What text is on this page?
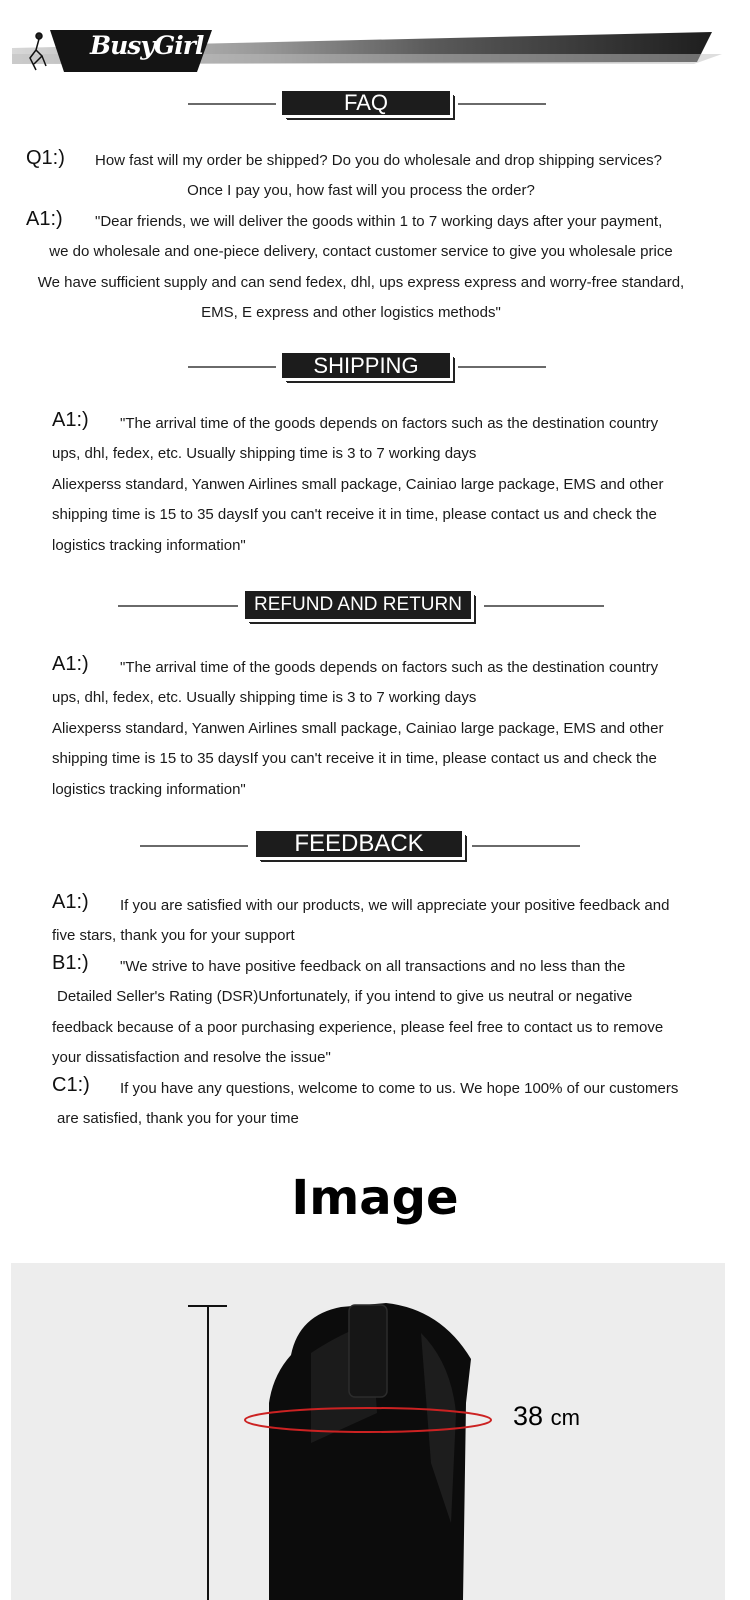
BusyGirl
FAQ
Q1:) How fast will my order be shipped? Do you do wholesale and drop shipping services?
Once I pay you, how fast will you process the order?
A1:) "Dear friends, we will deliver the goods within 1 to 7 working days after your payment,
we do wholesale and one-piece delivery, contact customer service to give you wholesale price
We have sufficient supply and can send fedex, dhl, ups express express and worry-free standard,
EMS, E express and other logistics methods"
SHIPPING
A1:) "The arrival time of the goods depends on factors such as the destination country
ups, dhl, fedex, etc. Usually shipping time is 3 to 7 working days
Aliexperss standard, Yanwen Airlines small package, Cainiao large package, EMS and other
shipping time is 15 to 35 daysIf you can't receive it in time, please contact us and check the
logistics tracking information"
REFUND AND RETURN
A1:) "The arrival time of the goods depends on factors such as the destination country
ups, dhl, fedex, etc. Usually shipping time is 3 to 7 working days
Aliexperss standard, Yanwen Airlines small package, Cainiao large package, EMS and other
shipping time is 15 to 35 daysIf you can't receive it in time, please contact us and check the
logistics tracking information"
FEEDBACK
A1:) If you are satisfied with our products, we will appreciate your positive feedback and
five stars, thank you for your support
B1:) "We strive to have positive feedback on all transactions and no less than the
Detailed Seller's Rating (DSR)Unfortunately, if you intend to give us neutral or negative
feedback because of a poor purchasing experience, please feel free to contact us to remove
your dissatisfaction and resolve the issue"
C1:) If you have any questions, welcome to come to us. We hope 100% of our customers
are satisfied, thank you for your time
Image
38 cm
